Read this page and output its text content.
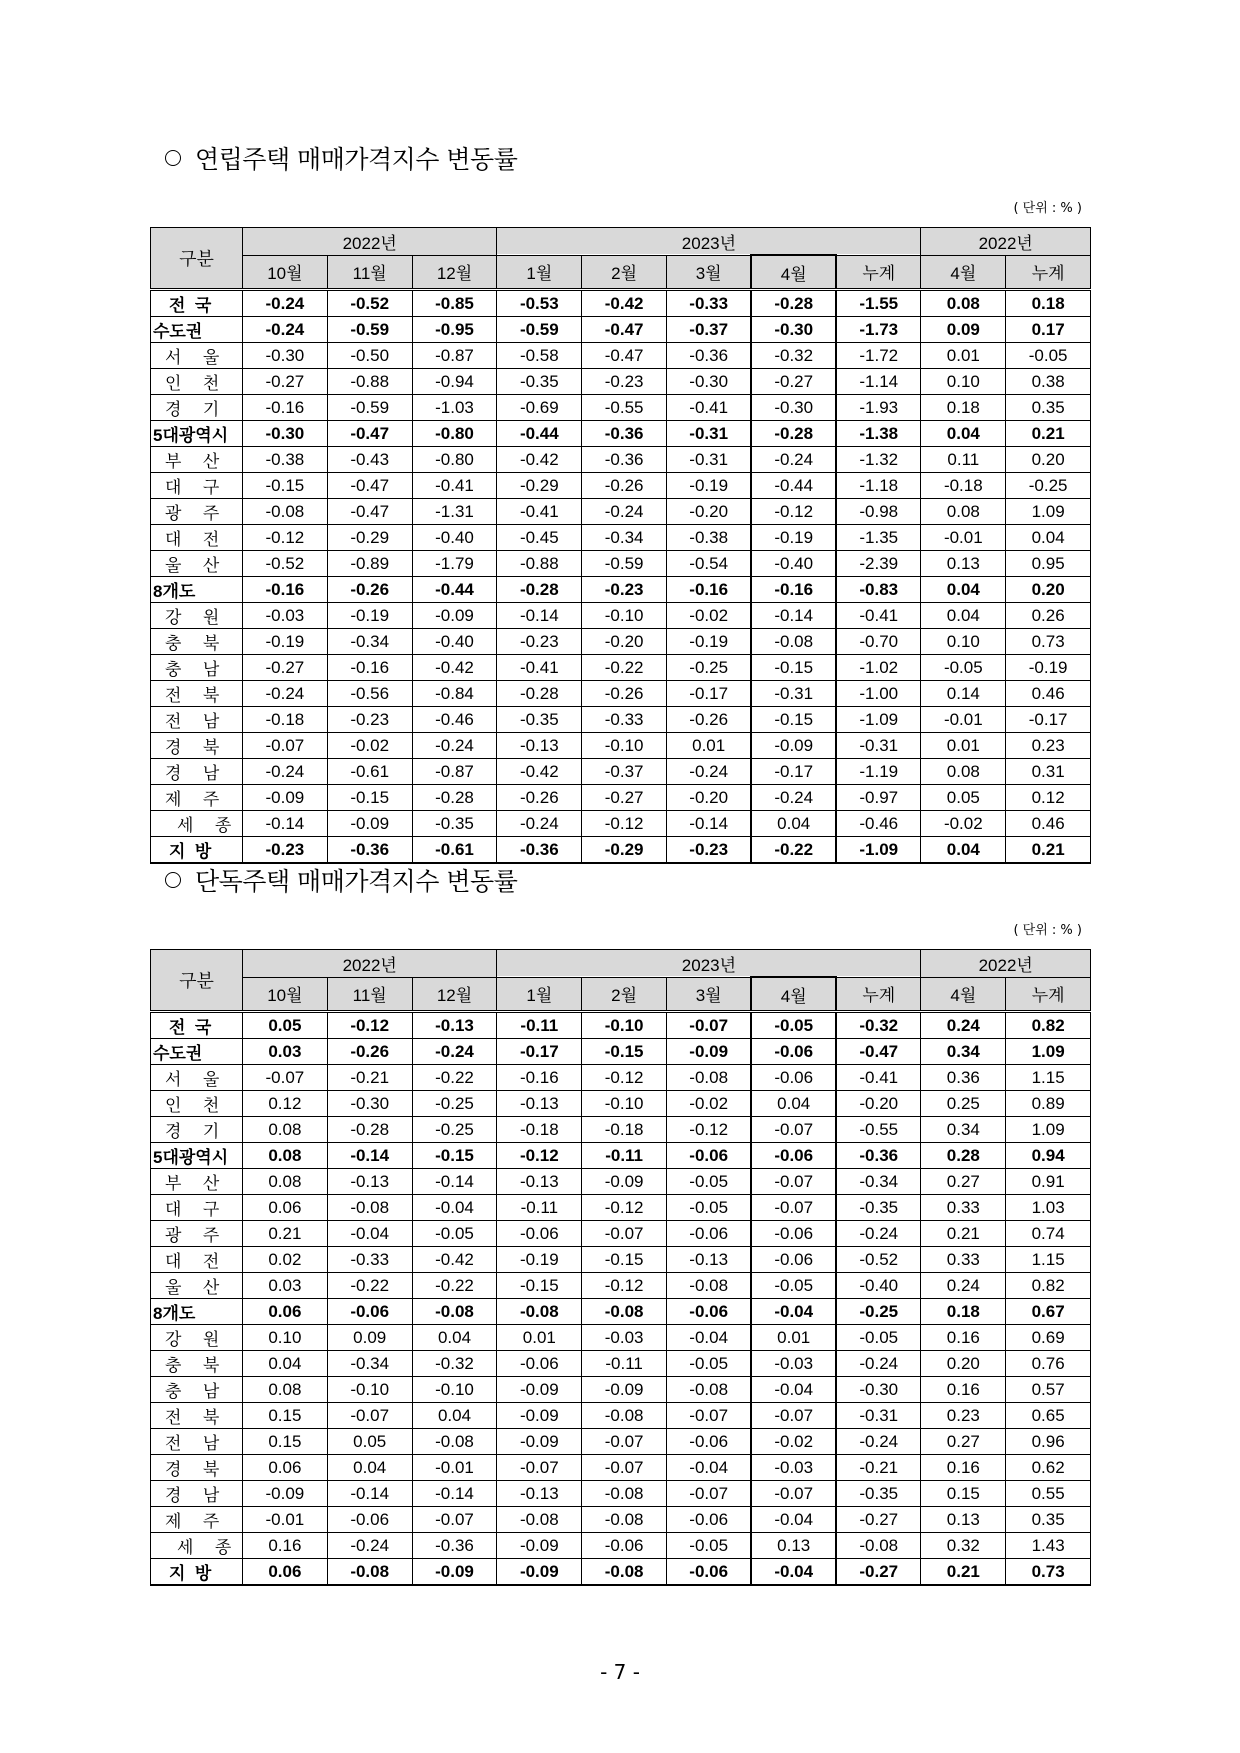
연립주택 매매가격지수 변동률
( 단위 : % )
구분	2022년			2023년					2022년	
	10월	11월	12월	1월	2월	3월	4월	누계	4월	누계
전  국	-0.24	-0.52	-0.85	-0.53	-0.42	-0.33	-0.28	-1.55	0.08	0.18
수도권	-0.24	-0.59	-0.95	-0.59	-0.47	-0.37	-0.30	-1.73	0.09	0.17
서  울	-0.30	-0.50	-0.87	-0.58	-0.47	-0.36	-0.32	-1.72	0.01	-0.05
인  천	-0.27	-0.88	-0.94	-0.35	-0.23	-0.30	-0.27	-1.14	0.10	0.38
경  기	-0.16	-0.59	-1.03	-0.69	-0.55	-0.41	-0.30	-1.93	0.18	0.35
5대광역시	-0.30	-0.47	-0.80	-0.44	-0.36	-0.31	-0.28	-1.38	0.04	0.21
부  산	-0.38	-0.43	-0.80	-0.42	-0.36	-0.31	-0.24	-1.32	0.11	0.20
대  구	-0.15	-0.47	-0.41	-0.29	-0.26	-0.19	-0.44	-1.18	-0.18	-0.25
광  주	-0.08	-0.47	-1.31	-0.41	-0.24	-0.20	-0.12	-0.98	0.08	1.09
대  전	-0.12	-0.29	-0.40	-0.45	-0.34	-0.38	-0.19	-1.35	-0.01	0.04
울  산	-0.52	-0.89	-1.79	-0.88	-0.59	-0.54	-0.40	-2.39	0.13	0.95
8개도	-0.16	-0.26	-0.44	-0.28	-0.23	-0.16	-0.16	-0.83	0.04	0.20
강  원	-0.03	-0.19	-0.09	-0.14	-0.10	-0.02	-0.14	-0.41	0.04	0.26
충  북	-0.19	-0.34	-0.40	-0.23	-0.20	-0.19	-0.08	-0.70	0.10	0.73
충  남	-0.27	-0.16	-0.42	-0.41	-0.22	-0.25	-0.15	-1.02	-0.05	-0.19
전  북	-0.24	-0.56	-0.84	-0.28	-0.26	-0.17	-0.31	-1.00	0.14	0.46
전  남	-0.18	-0.23	-0.46	-0.35	-0.33	-0.26	-0.15	-1.09	-0.01	-0.17
경  북	-0.07	-0.02	-0.24	-0.13	-0.10	0.01	-0.09	-0.31	0.01	0.23
경  남	-0.24	-0.61	-0.87	-0.42	-0.37	-0.24	-0.17	-1.19	0.08	0.31
제  주	-0.09	-0.15	-0.28	-0.26	-0.27	-0.20	-0.24	-0.97	0.05	0.12
세  종	-0.14	-0.09	-0.35	-0.24	-0.12	-0.14	0.04	-0.46	-0.02	0.46
지  방	-0.23	-0.36	-0.61	-0.36	-0.29	-0.23	-0.22	-1.09	0.04	0.21
단독주택 매매가격지수 변동률
( 단위 : % )
구분	2022년			2023년					2022년	
	10월	11월	12월	1월	2월	3월	4월	누계	4월	누계
전  국	0.05	-0.12	-0.13	-0.11	-0.10	-0.07	-0.05	-0.32	0.24	0.82
수도권	0.03	-0.26	-0.24	-0.17	-0.15	-0.09	-0.06	-0.47	0.34	1.09
서  울	-0.07	-0.21	-0.22	-0.16	-0.12	-0.08	-0.06	-0.41	0.36	1.15
인  천	0.12	-0.30	-0.25	-0.13	-0.10	-0.02	0.04	-0.20	0.25	0.89
경  기	0.08	-0.28	-0.25	-0.18	-0.18	-0.12	-0.07	-0.55	0.34	1.09
5대광역시	0.08	-0.14	-0.15	-0.12	-0.11	-0.06	-0.06	-0.36	0.28	0.94
부  산	0.08	-0.13	-0.14	-0.13	-0.09	-0.05	-0.07	-0.34	0.27	0.91
대  구	0.06	-0.08	-0.04	-0.11	-0.12	-0.05	-0.07	-0.35	0.33	1.03
광  주	0.21	-0.04	-0.05	-0.06	-0.07	-0.06	-0.06	-0.24	0.21	0.74
대  전	0.02	-0.33	-0.42	-0.19	-0.15	-0.13	-0.06	-0.52	0.33	1.15
울  산	0.03	-0.22	-0.22	-0.15	-0.12	-0.08	-0.05	-0.40	0.24	0.82
8개도	0.06	-0.06	-0.08	-0.08	-0.08	-0.06	-0.04	-0.25	0.18	0.67
강  원	0.10	0.09	0.04	0.01	-0.03	-0.04	0.01	-0.05	0.16	0.69
충  북	0.04	-0.34	-0.32	-0.06	-0.11	-0.05	-0.03	-0.24	0.20	0.76
충  남	0.08	-0.10	-0.10	-0.09	-0.09	-0.08	-0.04	-0.30	0.16	0.57
전  북	0.15	-0.07	0.04	-0.09	-0.08	-0.07	-0.07	-0.31	0.23	0.65
전  남	0.15	0.05	-0.08	-0.09	-0.07	-0.06	-0.02	-0.24	0.27	0.96
경  북	0.06	0.04	-0.01	-0.07	-0.07	-0.04	-0.03	-0.21	0.16	0.62
경  남	-0.09	-0.14	-0.14	-0.13	-0.08	-0.07	-0.07	-0.35	0.15	0.55
제  주	-0.01	-0.06	-0.07	-0.08	-0.08	-0.06	-0.04	-0.27	0.13	0.35
세  종	0.16	-0.24	-0.36	-0.09	-0.06	-0.05	0.13	-0.08	0.32	1.43
지  방	0.06	-0.08	-0.09	-0.09	-0.08	-0.06	-0.04	-0.27	0.21	0.73
- 7 -
